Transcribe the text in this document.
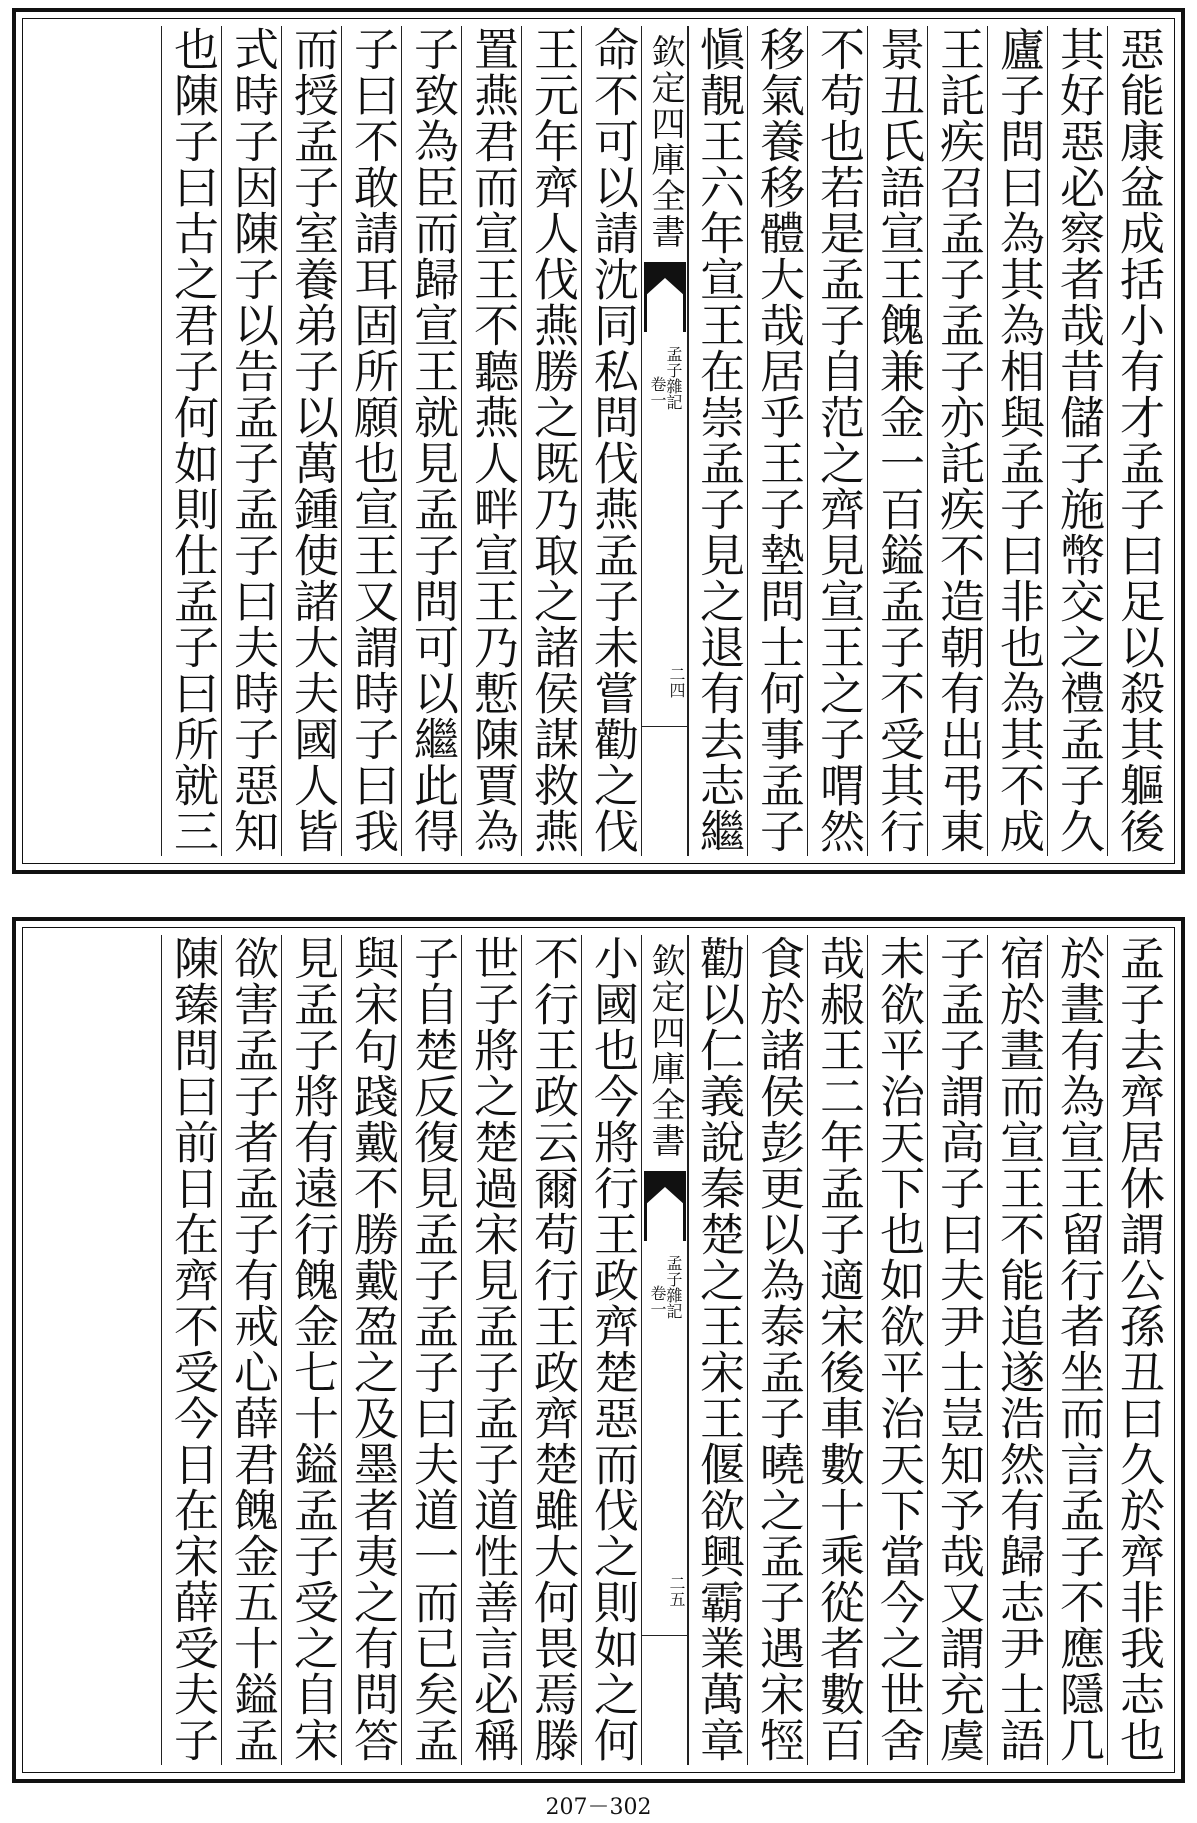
惡能康盆成括小有才孟子曰足以殺其軀後
其好惡必察者哉昔儲子施幣交之禮孟子久
廬子問曰為其為相與孟子曰非也為其不成
王託疾召孟子孟子亦託疾不造朝有出弔東
景丑氏語宣王餽兼金一百鎰孟子不受其行
不苟也若是孟子自范之齊見宣王之子喟然
移氣養移體大哉居乎王子墊問士何事孟子
愼靚王六年宣王在崇孟子見之退有去志繼
欽定四庫全書
孟子雜記
卷一
二四
命不可以請沈同私問伐燕孟子未嘗勸之伐
王元年齊人伐燕勝之既乃取之諸侯謀救燕
置燕君而宣王不聽燕人畔宣王乃慙陳賈為
子致為臣而歸宣王就見孟子問可以繼此得
子曰不敢請耳固所願也宣王又謂時子曰我
而授孟子室養弟子以萬鍾使諸大夫國人皆
式時子因陳子以告孟子孟子曰夫時子惡知
也陳子曰古之君子何如則仕孟子曰所就三
孟子去齊居休謂公孫丑曰久於齊非我志也
於晝有為宣王留行者坐而言孟子不應隱几
宿於晝而宣王不能追遂浩然有歸志尹士語
子孟子謂高子曰夫尹士豈知予哉又謂充虞
未欲平治天下也如欲平治天下當今之世舍
哉赧王二年孟子適宋後車數十乘從者數百
食於諸侯彭更以為泰孟子曉之孟子遇宋牼
勸以仁義說秦楚之王宋王偃欲興霸業萬章
欽定四庫全書
孟子雜記
卷一
二五
小國也今將行王政齊楚惡而伐之則如之何
不行王政云爾苟行王政齊楚雖大何畏焉滕
世子將之楚過宋見孟子孟子道性善言必稱
子自楚反復見孟子孟子曰夫道一而已矣孟
與宋句踐戴不勝戴盈之及墨者夷之有問答
見孟子將有遠行餽金七十鎰孟子受之自宋
欲害孟子者孟子有戒心薛君餽金五十鎰孟
陳臻問曰前日在齊不受今日在宋薛受夫子
207－302
